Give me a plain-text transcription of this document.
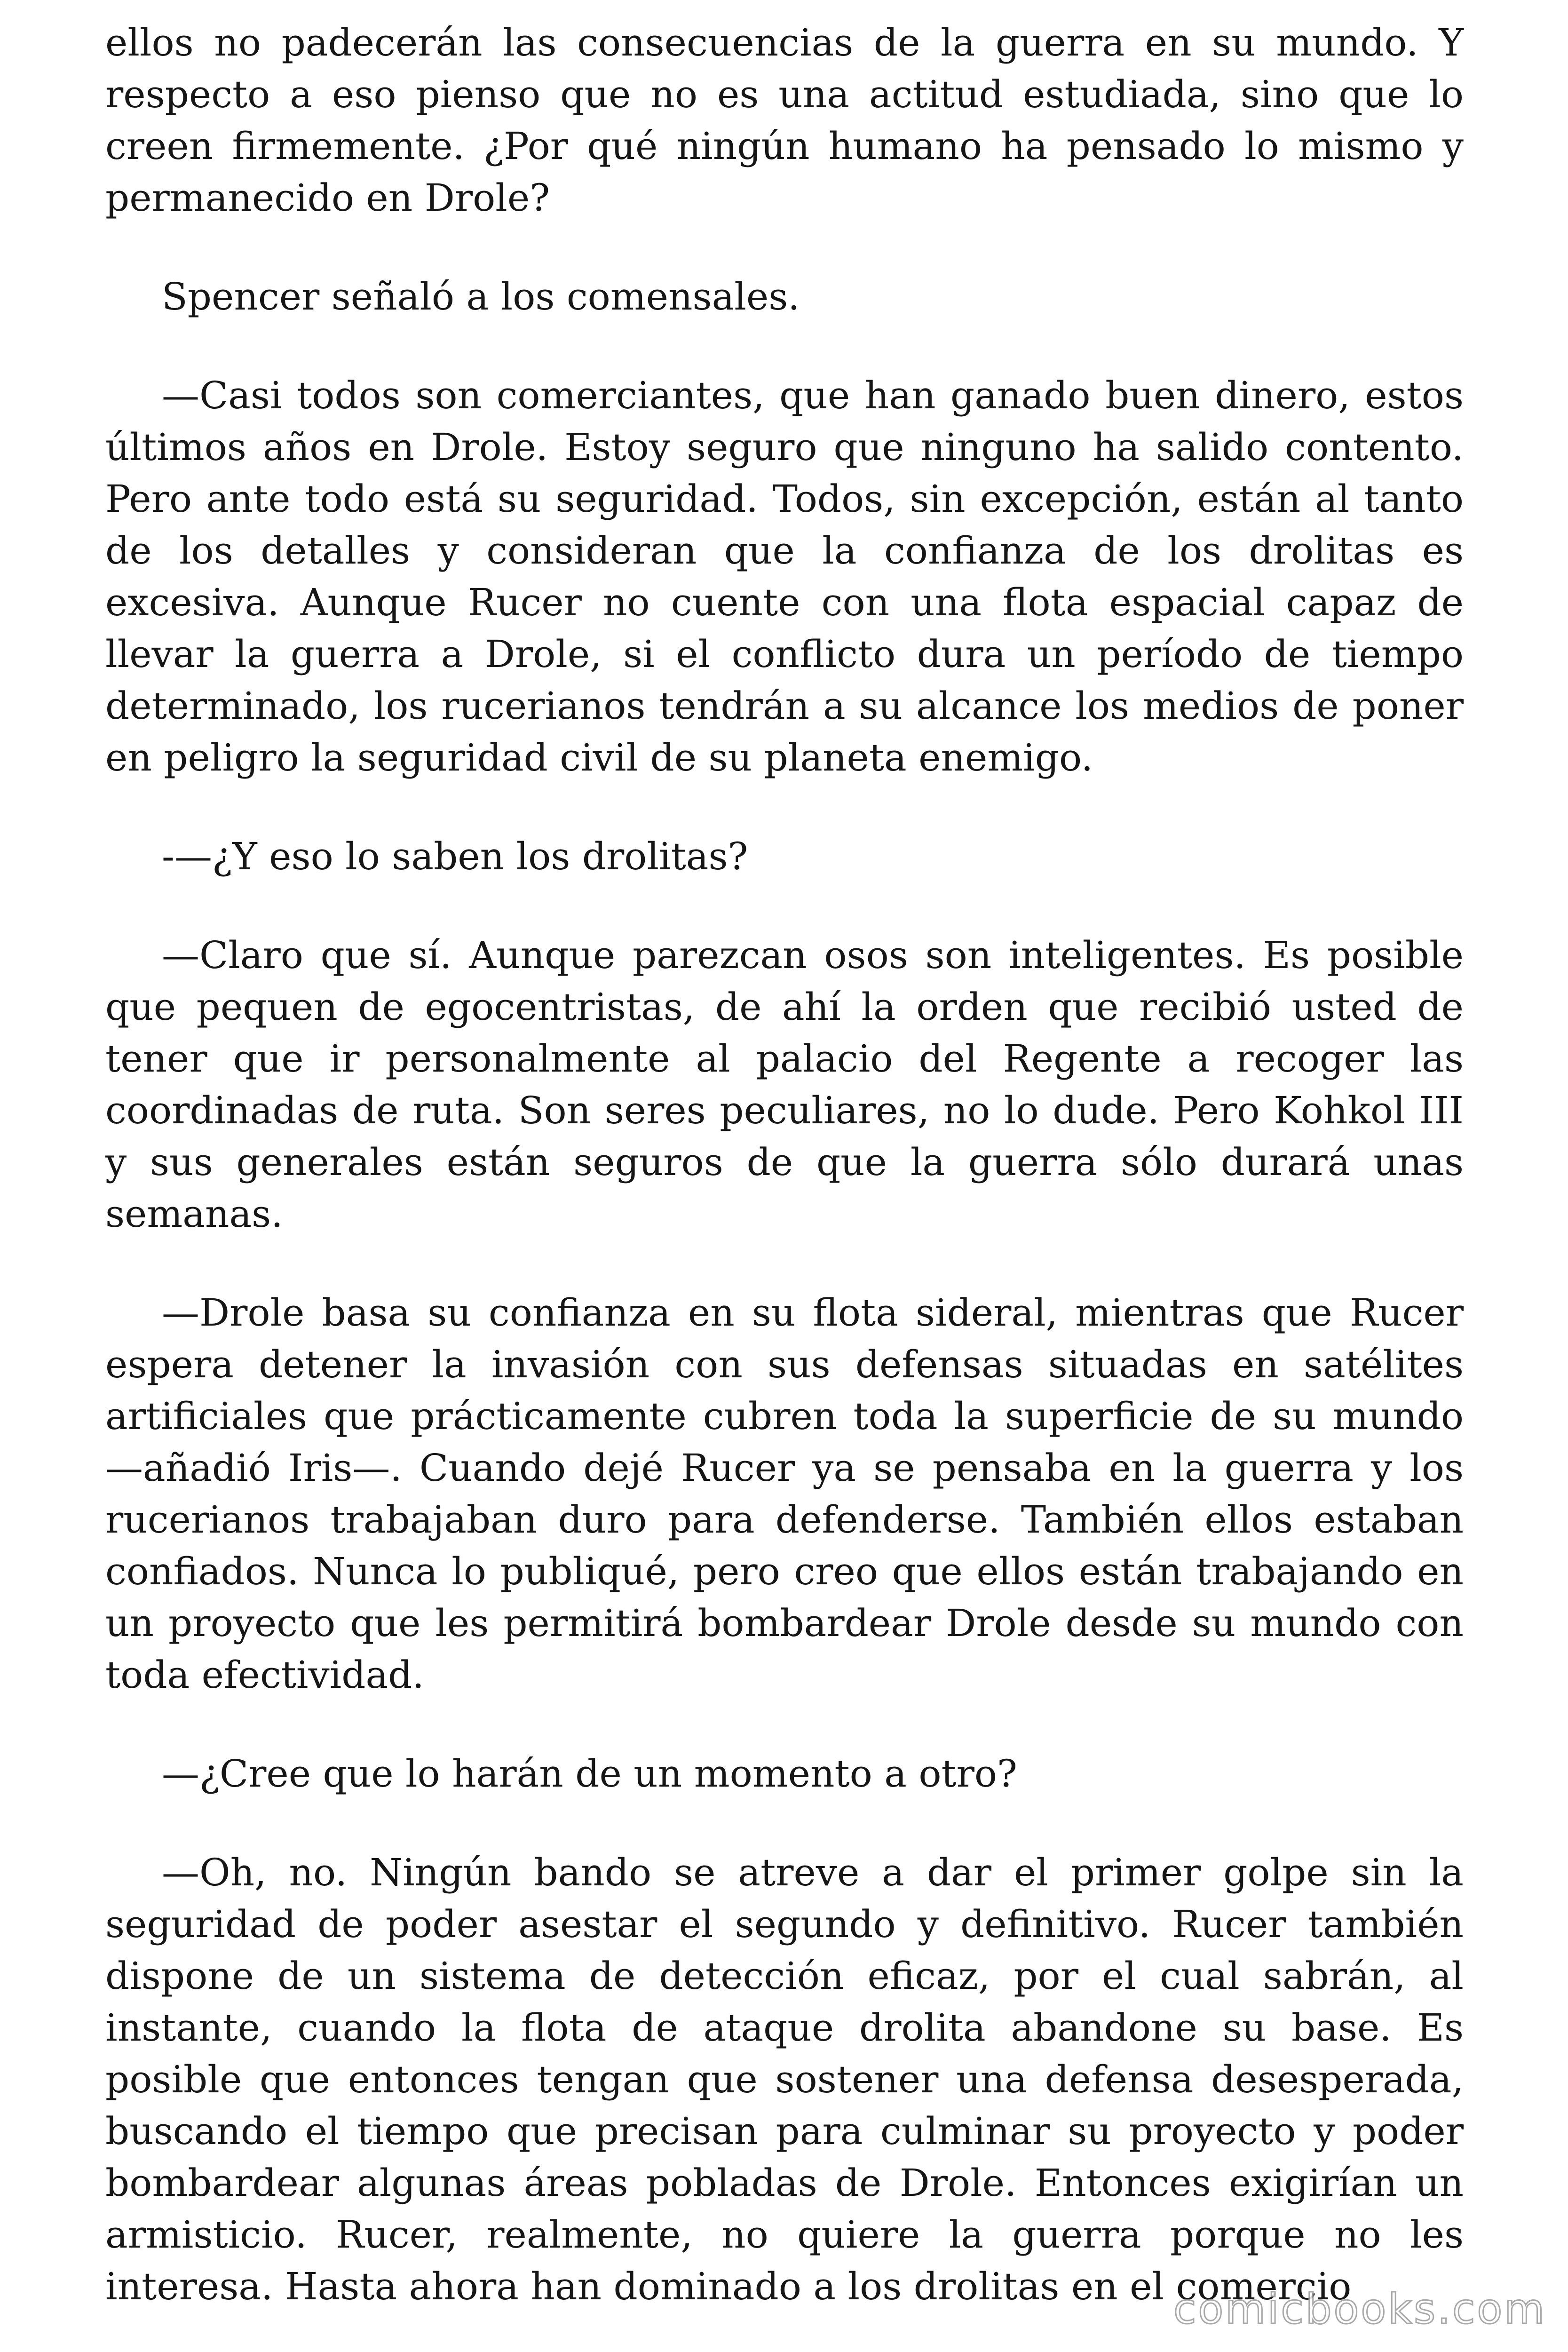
ellos no padecerán las consecuencias de la guerra en su mundo. Y respecto a eso pienso que no es una actitud estudiada, sino que lo creen firmemente. ¿Por qué ningún humano ha pensado lo mismo y permanecido en Drole?

Spencer señaló a los comensales.

—Casi todos son comerciantes, que han ganado buen dinero, estos últimos años en Drole. Estoy seguro que ninguno ha salido contento. Pero ante todo está su seguridad. Todos, sin excepción, están al tanto de los detalles y consideran que la confianza de los drolitas es excesiva. Aunque Rucer no cuente con una flota espacial capaz de llevar la guerra a Drole, si el conflicto dura un período de tiempo determinado, los rucerianos tendrán a su alcance los medios de poner en peligro la seguridad civil de su planeta enemigo.

-—¿Y eso lo saben los drolitas?

—Claro que sí. Aunque parezcan osos son inteligentes. Es posible que pequen de egocentristas, de ahí la orden que recibió usted de tener que ir personalmente al palacio del Regente a recoger las coordinadas de ruta. Son seres peculiares, no lo dude. Pero Kohkol III y sus generales están seguros de que la guerra sólo durará unas semanas.

—Drole basa su confianza en su flota sideral, mientras que Rucer espera detener la invasión con sus defensas situadas en satélites artificiales que prácticamente cubren toda la superficie de su mundo —añadió Iris—. Cuando dejé Rucer ya se pensaba en la guerra y los rucerianos trabajaban duro para defenderse. También ellos estaban confiados. Nunca lo publiqué, pero creo que ellos están trabajando en un proyecto que les permitirá bombardear Drole desde su mundo con toda efectividad.

—¿Cree que lo harán de un momento a otro?

—Oh, no. Ningún bando se atreve a dar el primer golpe sin la seguridad de poder asestar el segundo y definitivo. Rucer también dispone de un sistema de detección eficaz, por el cual sabrán, al instante, cuando la flota de ataque drolita abandone su base. Es posible que entonces tengan que sostener una defensa desesperada, buscando el tiempo que precisan para culminar su proyecto y poder bombardear algunas áreas pobladas de Drole. Entonces exigirían un armisticio. Rucer, realmente, no quiere la guerra porque no les interesa. Hasta ahora han dominado a los drolitas en el comercio

comicbooks.com
